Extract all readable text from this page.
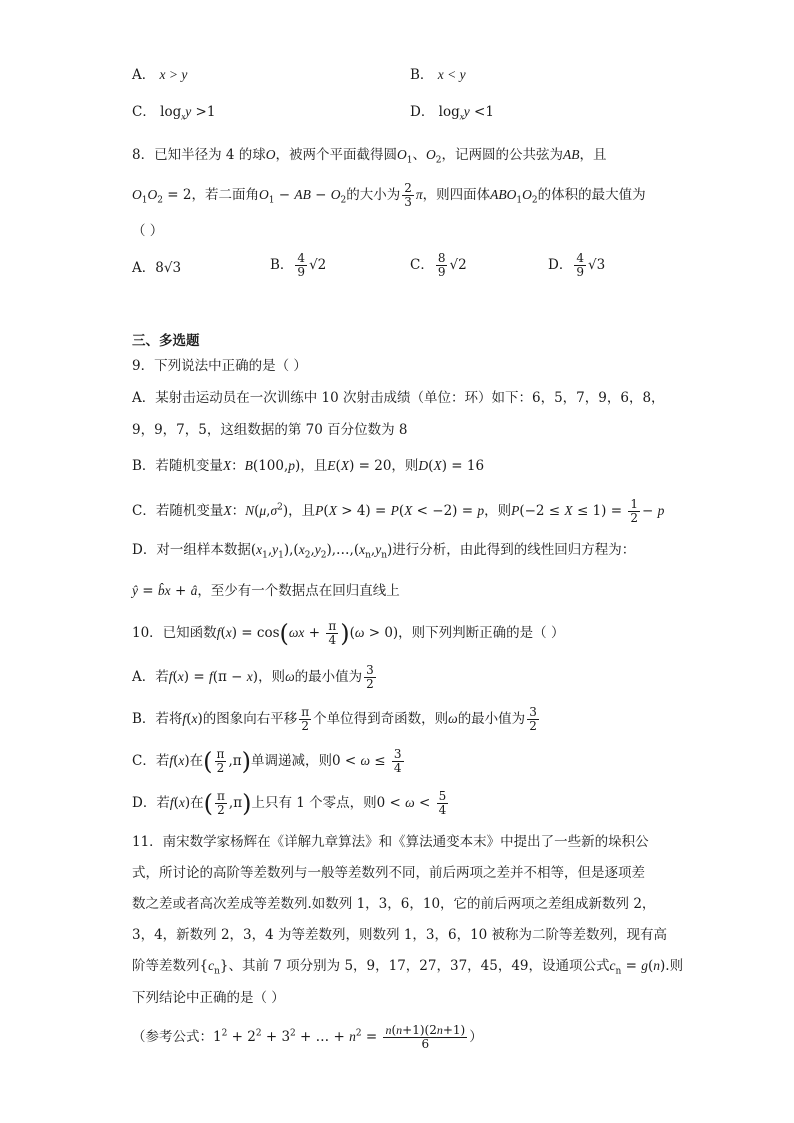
A． x > y	B． x < y
C． $\log_xy >1$	D． $\log_xy <1$
8．已知半径为 4 的球O，被两个平面截得圆$O_1$、$O_2$，记两圆的公共弦为AB，且
$O_1O_2 = 2$，若二面角$O_1$ − AB − $O_2$的大小为 $\frac{2}{3}$ π，则四面体$ABO_1O_2$的体积的最大值为
（ ）
A．8√3	B． $\frac{4}{9} √2$	C． $\frac{8}{9} √2$	D． $\frac{4}{9} √3$
三、多选题
9．下列说法中正确的是（ ）
A．某射击运动员在一次训练中 10 次射击成绩（单位：环）如下：6，5，7，9，6，8，
9，9，7，5，这组数据的第 70 百分位数为 8
B．若随机变量X：B(100,p)，且E(X) = 20，则D(X) = 16
C．若随机变量X：$N(\mu,\sigma^2)$，且P(X > 4) = P(X < −2) = p，则$P(-2 \le X \le 1) = \frac{1}{2} - p$
D．对一组样本数据$(x_1,y_1),(x_2,y_2),\dots,(x_n,y_n)$进行分析，由此得到的线性回归方程为：
ŷ = b̂x + â，至少有一个数据点在回归直线上
10．已知函数$f(x) = \cos(\omega x + \frac{\pi}{4} )(\omega > 0)$，则下列判断正确的是（ ）
A．若f(x) = f(π − x)，则ω的最小值为 $\frac{3}{2}$
B．若将f(x)的图象向右平移 $\frac{\pi}{2}$ 个单位得到奇函数，则ω的最小值为 $\frac{3}{2}$
C．若f(x)在( $\frac{\pi}{2} ,\pi$)单调递减，则$0 < \omega \le \frac{3}{4}$
D．若f(x)在( $\frac{\pi}{2} ,\pi$)上只有 1 个零点，则$0 < \omega < \frac{5}{4}$
11．南宋数学家杨辉在《详解九章算法》和《算法通变本末》中提出了一些新的垛积公
式，所讨论的高阶等差数列与一般等差数列不同，前后两项之差并不相等，但是逐项差
数之差或者高次差成等差数列.如数列 1，3，6，10，它的前后两项之差组成新数列 2，
3，4，新数列 2，3，4 为等差数列，则数列 1，3，6，10 被称为二阶等差数列，现有高
阶等差数列$\{c_n\}$、其前 7 项分别为 5，9，17，27，37，45，49，设通项公式$c_n = g(n)$.则
下列结论中正确的是（ ）
（参考公式：$1^2 + 2^2 + 3^2$ + … + $n^2 = \frac{n(n+1)(2n+1)}{6}$ ）
